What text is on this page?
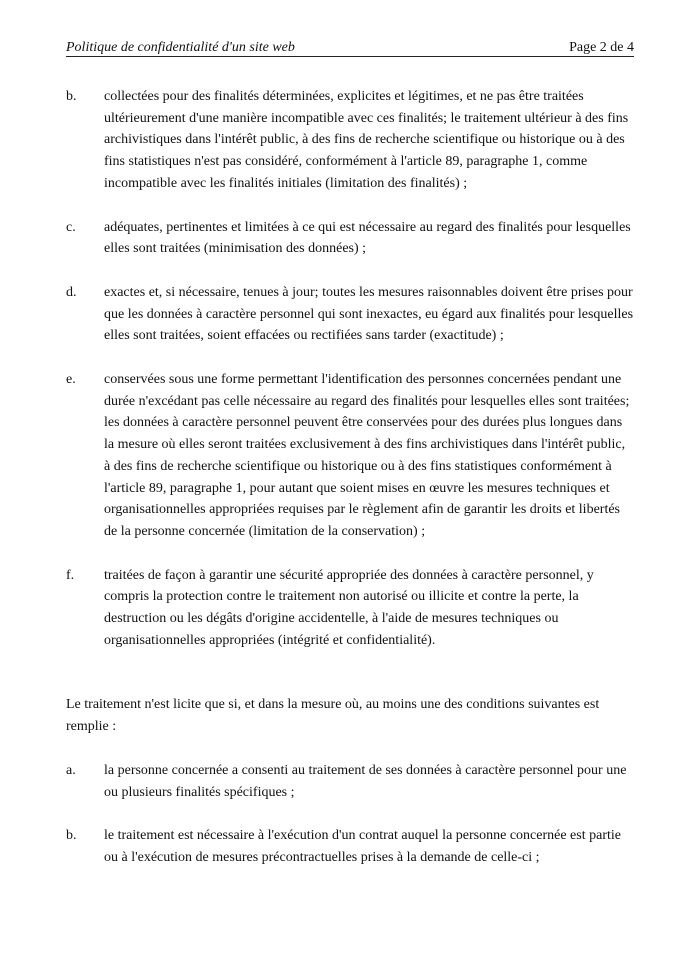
Politique de confidentialité d'un site web	Page 2 de 4
b.	collectées pour des finalités déterminées, explicites et légitimes, et ne pas être traitées ultérieurement d'une manière incompatible avec ces finalités; le traitement ultérieur à des fins archivistiques dans l'intérêt public, à des fins de recherche scientifique ou historique ou à des fins statistiques n'est pas considéré, conformément à l'article 89, paragraphe 1, comme incompatible avec les finalités initiales (limitation des finalités) ;
c.	adéquates, pertinentes et limitées à ce qui est nécessaire au regard des finalités pour lesquelles elles sont traitées (minimisation des données) ;
d.	exactes et, si nécessaire, tenues à jour; toutes les mesures raisonnables doivent être prises pour que les données à caractère personnel qui sont inexactes, eu égard aux finalités pour lesquelles elles sont traitées, soient effacées ou rectifiées sans tarder (exactitude) ;
e.	conservées sous une forme permettant l'identification des personnes concernées pendant une durée n'excédant pas celle nécessaire au regard des finalités pour lesquelles elles sont traitées; les données à caractère personnel peuvent être conservées pour des durées plus longues dans la mesure où elles seront traitées exclusivement à des fins archivistiques dans l'intérêt public, à des fins de recherche scientifique ou historique ou à des fins statistiques conformément à l'article 89, paragraphe 1, pour autant que soient mises en œuvre les mesures techniques et organisationnelles appropriées requises par le règlement afin de garantir les droits et libertés de la personne concernée (limitation de la conservation) ;
f.	traitées de façon à garantir une sécurité appropriée des données à caractère personnel, y compris la protection contre le traitement non autorisé ou illicite et contre la perte, la destruction ou les dégâts d'origine accidentelle, à l'aide de mesures techniques ou organisationnelles appropriées (intégrité et confidentialité).

Le traitement n'est licite que si, et dans la mesure où, au moins une des conditions suivantes est remplie :

a.	la personne concernée a consenti au traitement de ses données à caractère personnel pour une ou plusieurs finalités spécifiques ;
b.	le traitement est nécessaire à l'exécution d'un contrat auquel la personne concernée est partie ou à l'exécution de mesures précontractuelles prises à la demande de celle-ci ;
